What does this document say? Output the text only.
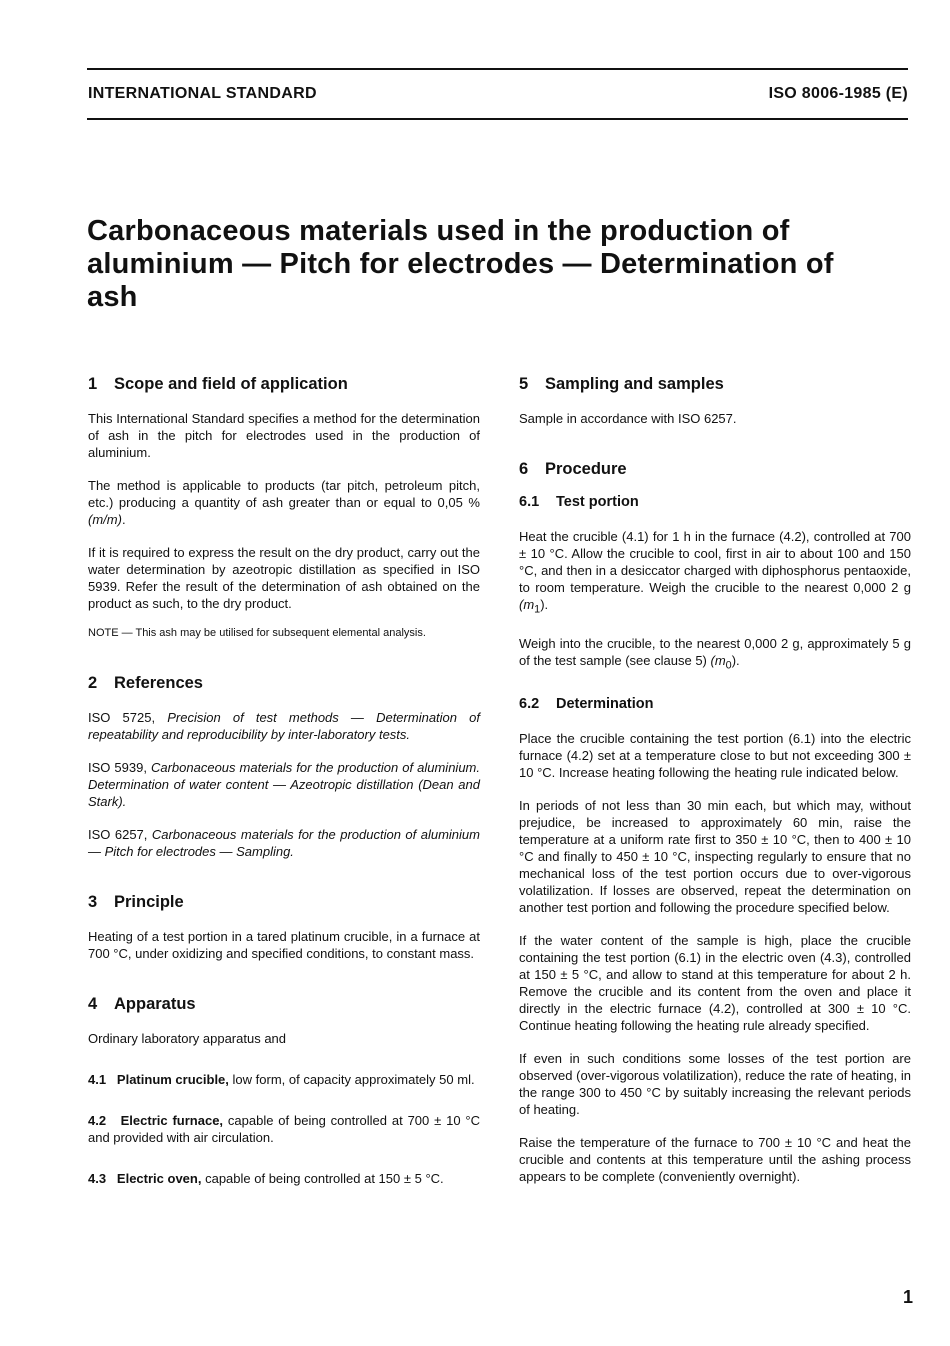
INTERNATIONAL STANDARD	ISO 8006-1985 (E)
Carbonaceous materials used in the production of aluminium — Pitch for electrodes — Determination of ash
1	Scope and field of application

This International Standard specifies a method for the determination of ash in the pitch for electrodes used in the production of aluminium.

The method is applicable to products (tar pitch, petroleum pitch, etc.) producing a quantity of ash greater than or equal to 0,05 % (m/m).

If it is required to express the result on the dry product, carry out the water determination by azeotropic distillation as specified in ISO 5939. Refer the result of the determination of ash obtained on the product as such, to the dry product.

NOTE — This ash may be utilised for subsequent elemental analysis.

2	References

ISO 5725, Precision of test methods — Determination of repeatability and reproducibility by inter-laboratory tests.

ISO 5939, Carbonaceous materials for the production of aluminium. Determination of water content — Azeotropic distillation (Dean and Stark).

ISO 6257, Carbonaceous materials for the production of aluminium — Pitch for electrodes — Sampling.

3	Principle

Heating of a test portion in a tared platinum crucible, in a furnace at 700 °C, under oxidizing and specified conditions, to constant mass.

4	Apparatus

Ordinary laboratory apparatus and

4.1 Platinum crucible, low form, of capacity approximately 50 ml.

4.2 Electric furnace, capable of being controlled at 700 ± 10 °C and provided with air circulation.

4.3 Electric oven, capable of being controlled at 150 ± 5 °C.

5	Sampling and samples

Sample in accordance with ISO 6257.

6	Procedure
6.1	Test portion

Heat the crucible (4.1) for 1 h in the furnace (4.2), controlled at 700 ± 10 °C. Allow the crucible to cool, first in air to about 100 and 150 °C, and then in a desiccator charged with diphosphorus pentaoxide, to room temperature. Weigh the crucible to the nearest 0,000 2 g $(m_1)$.

Weigh into the crucible, to the nearest 0,000 2 g, approximately 5 g of the test sample (see clause 5) $(m_0)$.

6.2	Determination

Place the crucible containing the test portion (6.1) into the electric furnace (4.2) set at a temperature close to but not exceeding 300 ± 10 °C. Increase heating following the heating rule indicated below.

In periods of not less than 30 min each, but which may, without prejudice, be increased to approximately 60 min, raise the temperature at a uniform rate first to 350 ± 10 °C, then to 400 ± 10 °C and finally to 450 ± 10 °C, inspecting regularly to ensure that no mechanical loss of the test portion occurs due to over-vigorous volatilization. If losses are observed, repeat the determination on another test portion and following the procedure specified below.

If the water content of the sample is high, place the crucible containing the test portion (6.1) in the electric oven (4.3), controlled at 150 ± 5 °C, and allow to stand at this temperature for about 2 h. Remove the crucible and its content from the oven and place it directly in the electric furnace (4.2), controlled at 300 ± 10 °C. Continue heating following the heating rule already specified.

If even in such conditions some losses of the test portion are observed (over-vigorous volatilization), reduce the rate of heating, in the range 300 to 450 °C by suitably increasing the relevant periods of heating.

Raise the temperature of the furnace to 700 ± 10 °C and heat the crucible and contents at this temperature until the ashing process appears to be complete (conveniently overnight).

1
